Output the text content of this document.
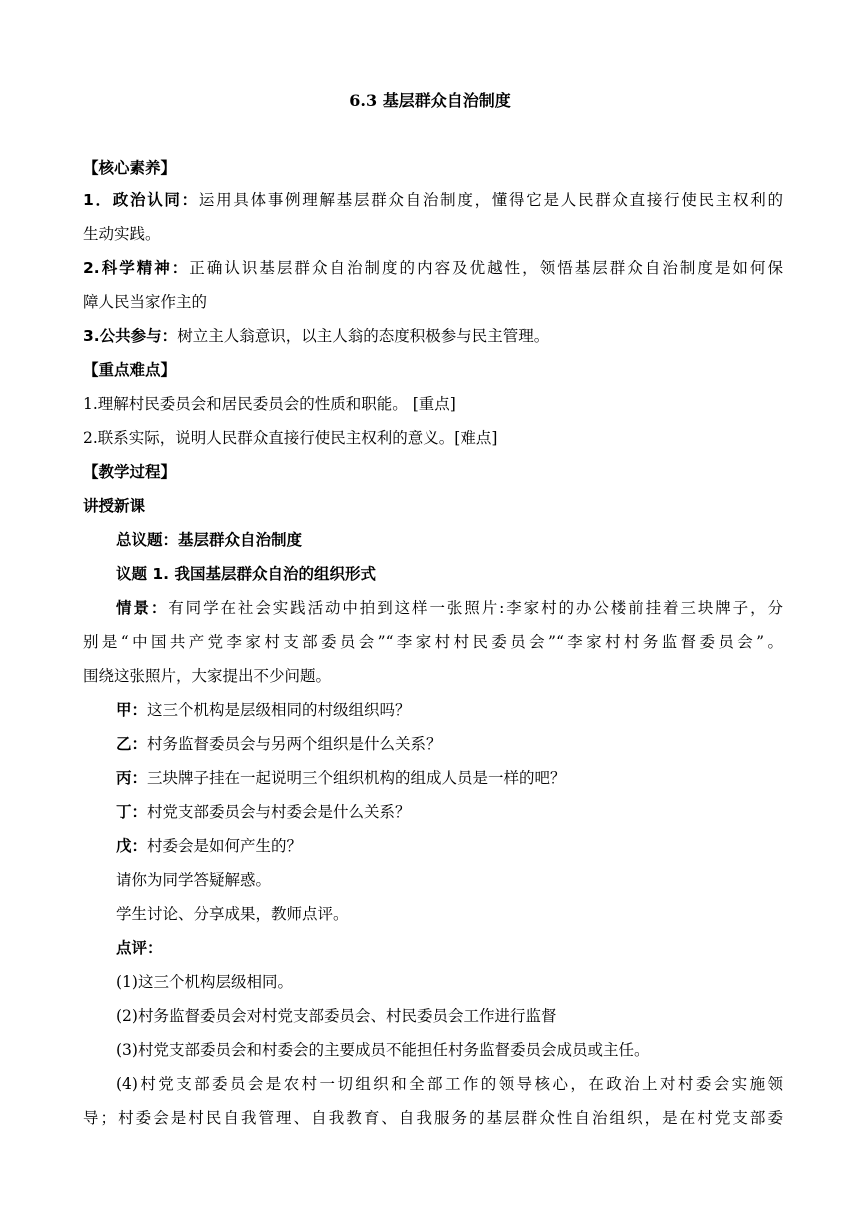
6.3 基层群众自治制度
【核心素养】
1．政治认同：运用具体事例理解基层群众自治制度，懂得它是人民群众直接行使民主权利的
生动实践。
2.科学精神：正确认识基层群众自治制度的内容及优越性，领悟基层群众自治制度是如何保
障人民当家作主的
3.公共参与：树立主人翁意识，以主人翁的态度积极参与民主管理。
【重点难点】
1.理解村民委员会和居民委员会的性质和职能。 [重点]
2.联系实际，说明人民群众直接行使民主权利的意义。[难点]
【教学过程】
讲授新课
总议题：基层群众自治制度
议题 1. 我国基层群众自治的组织形式
情景：有同学在社会实践活动中拍到这样一张照片:李家村的办公楼前挂着三块牌子，分
别是“中国共产党李家村支部委员会”“李家村村民委员会”“李家村村务监督委员会”。
围绕这张照片，大家提出不少问题。
甲：这三个机构是层级相同的村级组织吗？
乙：村务监督委员会与另两个组织是什么关系？
丙：三块牌子挂在一起说明三个组织机构的组成人员是一样的吧？
丁：村党支部委员会与村委会是什么关系？
戊：村委会是如何产生的？
请你为同学答疑解惑。
学生讨论、分享成果，教师点评。
点评：
(1)这三个机构层级相同。
(2)村务监督委员会对村党支部委员会、村民委员会工作进行监督
(3)村党支部委员会和村委会的主要成员不能担任村务监督委员会成员或主任。
(4)村党支部委员会是农村一切组织和全部工作的领导核心，在政治上对村委会实施领
导；村委会是村民自我管理、自我教育、自我服务的基层群众性自治组织，是在村党支部委
